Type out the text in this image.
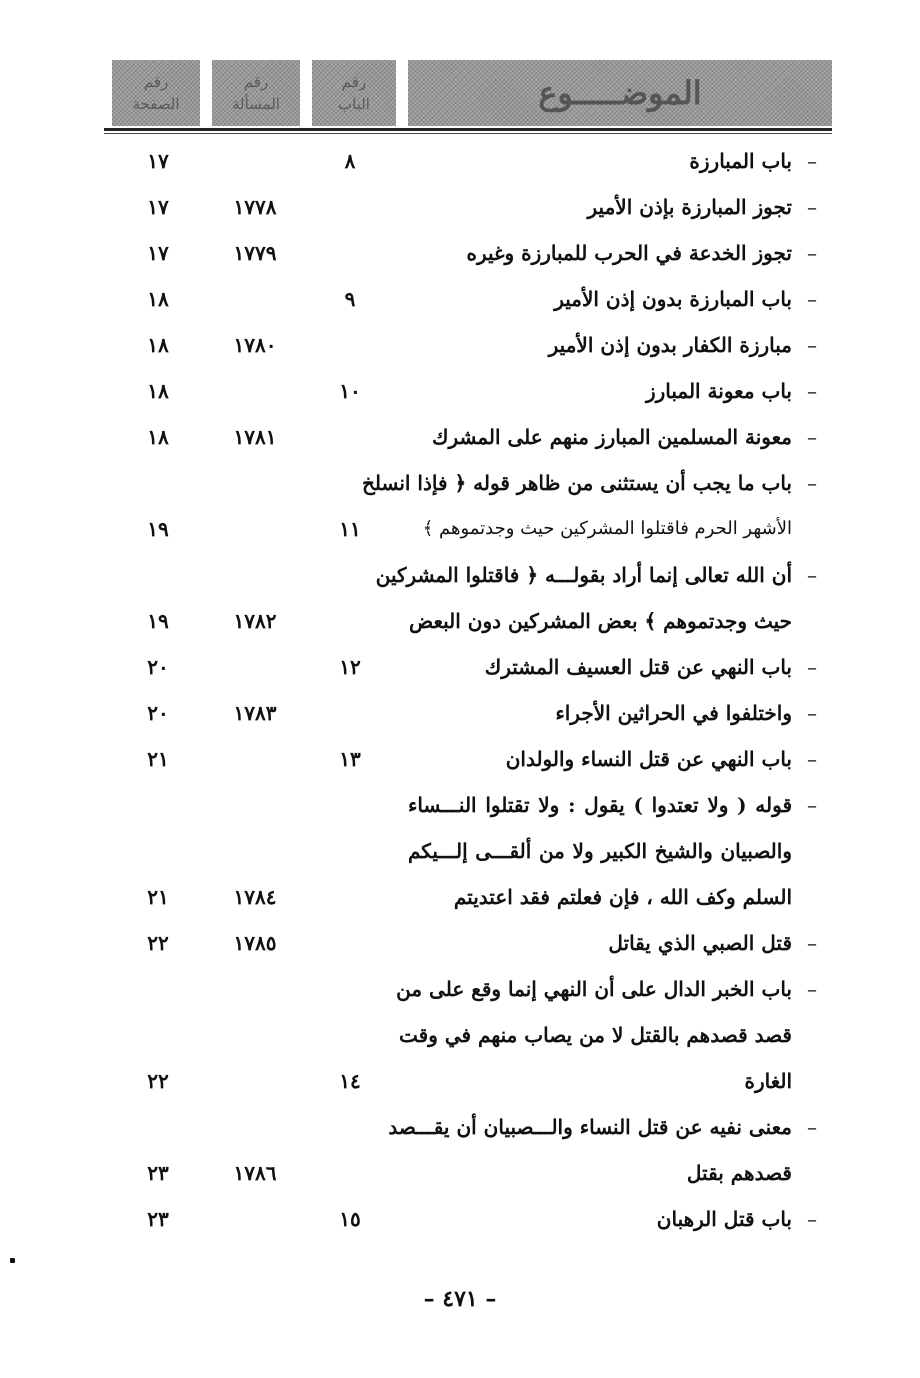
الموضـــــوع
رقم
الباب
رقم
المسألة
رقم
الصفحة
–
باب المبارزة
٨
١٧
–
تجوز المبارزة بإذن الأمير
١٧٧٨
١٧
–
تجوز الخدعة في الحرب للمبارزة وغيره
١٧٧٩
١٧
–
باب المبارزة بدون إذن الأمير
٩
١٨
–
مبارزة الكفار بدون إذن الأمير
١٧٨٠
١٨
–
باب معونة المبارز
١٠
١٨
–
معونة المسلمين المبارز منهم على المشرك
١٧٨١
١٨
–
باب ما يجب أن يستثنى من ظاهر قوله ﴿ فإذا انسلخ
الأشهر الحرم فاقتلوا المشركين حيث وجدتموهم ﴾
١١
١٩
–
أن الله تعالى إنما أراد بقولـــه ﴿ فاقتلوا المشركين
حيث وجدتموهم ﴾ بعض المشركين دون البعض
١٧٨٢
١٩
–
باب النهي عن قتل العسيف المشترك
١٢
٢٠
–
واختلفوا في الحراثين الأجراء
١٧٨٣
٢٠
–
باب النهي عن قتل النساء والولدان
١٣
٢١
–
قوله ( ولا تعتدوا ) يقول : ولا تقتلوا النـــساء
والصبيان والشيخ الكبير ولا من ألقـــى إلـــيكم
السلم وكف الله ، فإن فعلتم فقد اعتديتم
١٧٨٤
٢١
–
قتل الصبي الذي يقاتل
١٧٨٥
٢٢
–
باب الخبر الدال على أن النهي إنما وقع على من
قصد قصدهم بالقتل لا من يصاب منهم في وقت
الغارة
١٤
٢٢
–
معنى نفيه عن قتل النساء والـــصبيان أن يقـــصد
قصدهم بقتل
١٧٨٦
٢٣
–
باب قتل الرهبان
١٥
٢٣
– ٤٧١ –
